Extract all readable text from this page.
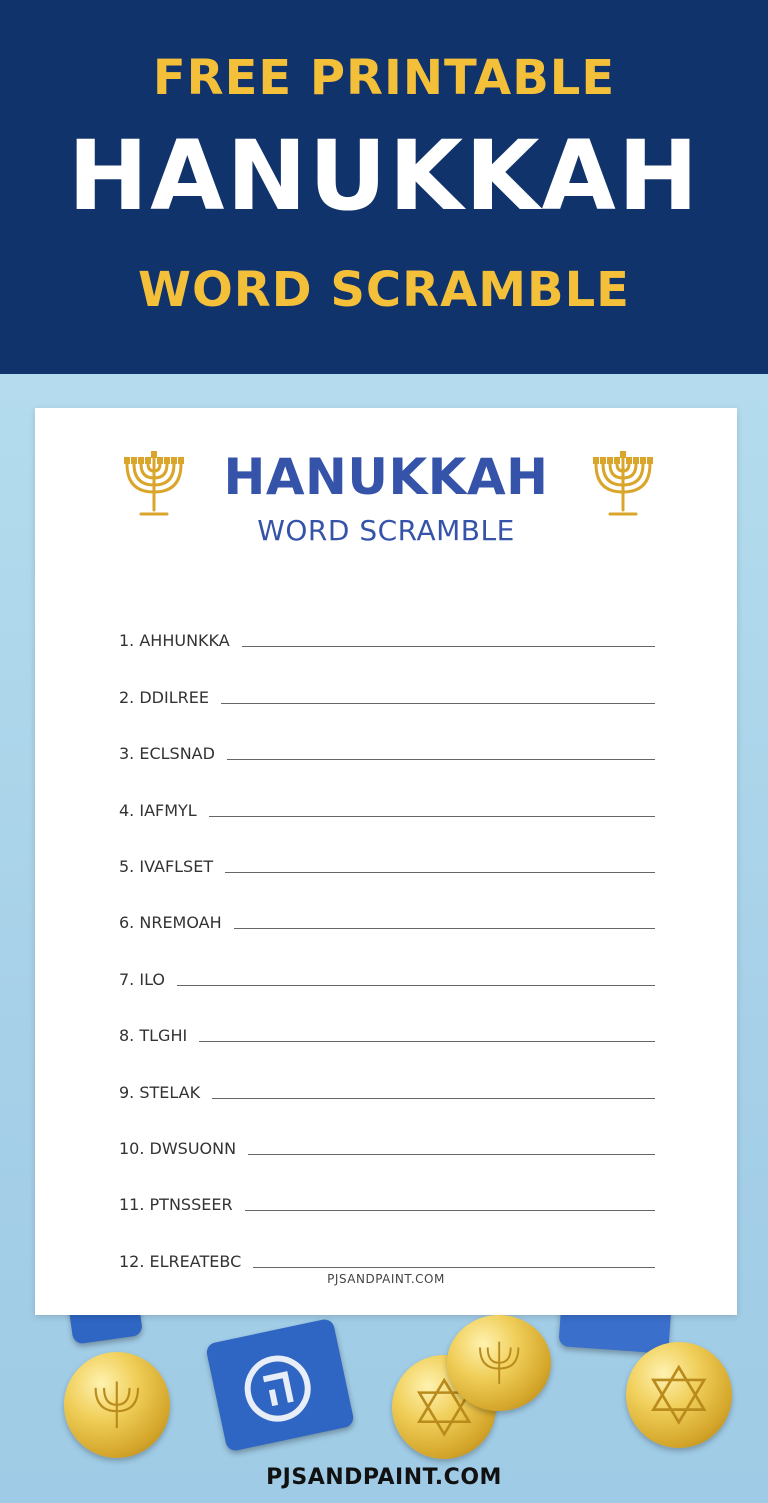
FREE PRINTABLE
HANUKKAH
WORD SCRAMBLE
HANUKKAH
WORD SCRAMBLE
1. AHHUNKKA
2. DDILREE
3. ECLSNAD
4. IAFMYL
5. IVAFLSET
6. NREMOAH
7. ILO
8. TLGHI
9. STELAK
10. DWSUONN
11. PTNSSEER
12. ELREATEBC
PJSANDPAINT.COM
PJSANDPAINT.COM
